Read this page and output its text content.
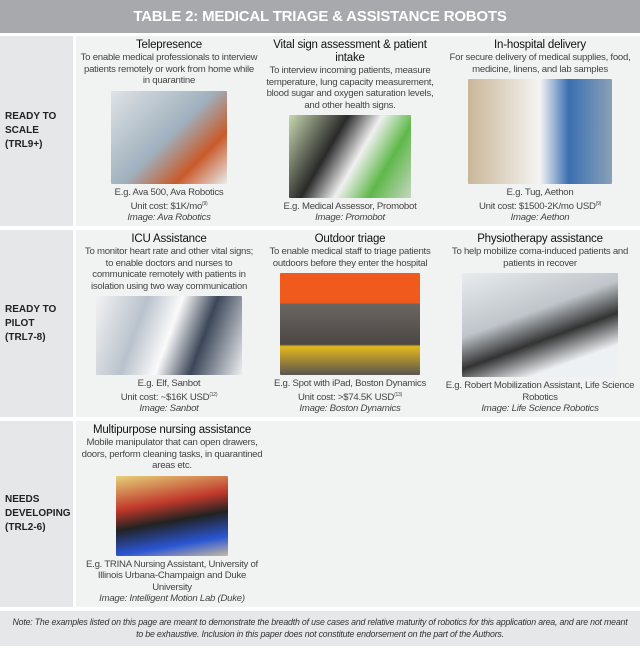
TABLE 2: MEDICAL TRIAGE & ASSISTANCE ROBOTS
READY TO
SCALE
(TRL9+)
READY TO
PILOT
(TRL7-8)
NEEDS
DEVELOPING
(TRL2-6)
Telepresence
To enable medical professionals to interview patients remotely or work from home while in quarantine
E.g. Ava 500, Ava Robotics
Unit cost: $\$1K/mo^{(9)}$
Image: Ava Robotics
Vital sign assessment & patient intake
To interview incoming patients, measure temperature, lung capacity measurement, blood sugar and oxygen saturation levels, and other health signs.
E.g. Medical Assessor, Promobot
Image: Promobot
In-hospital delivery
For secure delivery of medical supplies, food, medicine, linens, and lab samples
E.g. Tug, Aethon
Unit cost: $1500-2K/mo USD$^{(9)}$
Image: Aethon
ICU Assistance
To monitor heart rate and other vital signs; to enable doctors and nurses to communicate remotely with patients in isolation using two way communication
E.g. Elf, Sanbot
Unit cost: ~$16K USD$^{(12)}$
Image: Sanbot
Outdoor triage
To enable medical staff to triage patients outdoors before they enter the hospital
E.g. Spot with iPad, Boston Dynamics
Unit cost: >$74.5K USD$^{(13)}$
Image: Boston Dynamics
Physiotherapy assistance
To help mobilize coma-induced patients and patients in recover
E.g. Robert Mobilization Assistant, Life Science Robotics
Image: Life Science Robotics
Multipurpose nursing assistance
Mobile manipulator that can open drawers, doors, perform cleaning tasks, in quarantined areas etc.
E.g. TRINA Nursing Assistant, University of Illinois Urbana-Champaign and Duke University
Image: Intelligent Motion Lab (Duke)
Note: The examples listed on this page are meant to demonstrate the breadth of use cases and relative maturity of robotics for this application area, and are not meant to be exhaustive. Inclusion in this paper does not constitute endorsement on the part of the Authors.
